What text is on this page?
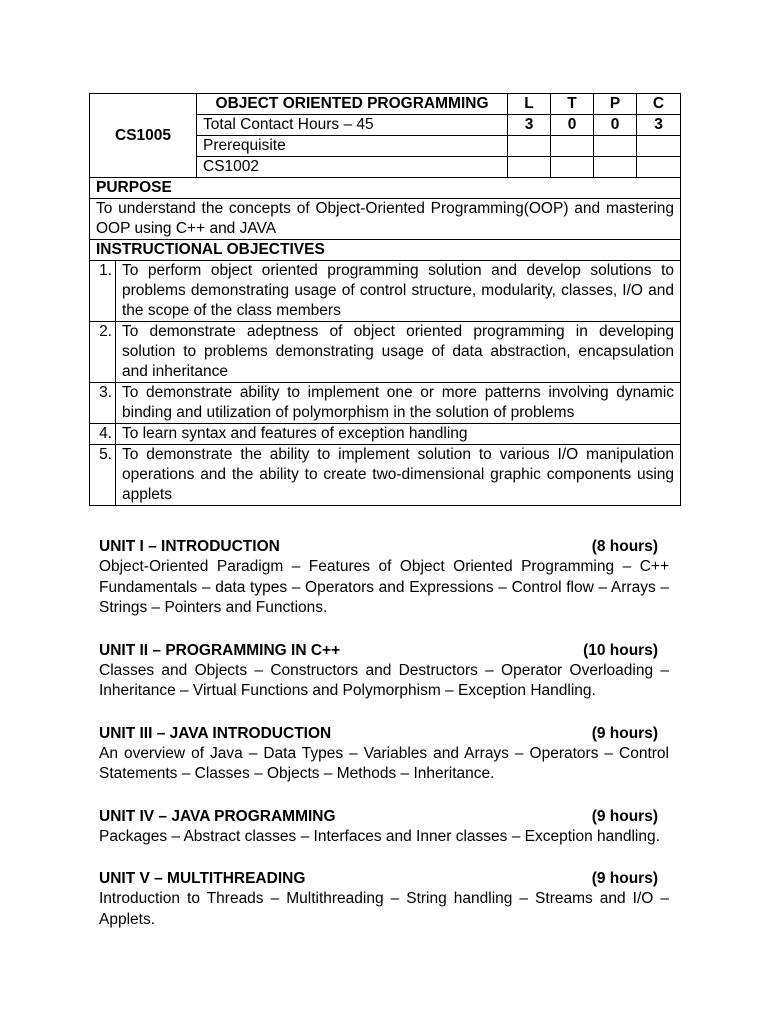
CS1005		OBJECT ORIENTED PROGRAMMING	L	T	P	C
		Total Contact Hours – 45	3	0	0	3
		Prerequisite				
		CS1002				
PURPOSE						
To understand the concepts of Object-Oriented Programming(OOP) and mastering OOP using C++ and JAVA						
INSTRUCTIONAL OBJECTIVES						
1.	To perform object oriented programming solution and develop solutions to problems demonstrating usage of control structure, modularity, classes, I/O and the scope of the class members					
2.	To demonstrate adeptness of object oriented programming in developing solution to problems demonstrating usage of data abstraction, encapsulation and inheritance					
3.	To demonstrate ability to implement one or more patterns involving dynamic binding and utilization of polymorphism in the solution of problems					
4.	To learn syntax and features of exception handling					
5.	To demonstrate the ability to implement solution to various I/O manipulation operations and the ability to create two-dimensional graphic components using applets					
UNIT I – INTRODUCTION	(8 hours)
Object-Oriented Paradigm – Features of Object Oriented Programming – C++ Fundamentals – data types – Operators and Expressions – Control flow – Arrays – Strings – Pointers and Functions.
UNIT II – PROGRAMMING IN C++	(10 hours)
Classes and Objects – Constructors and Destructors – Operator Overloading – Inheritance – Virtual Functions and Polymorphism – Exception Handling.
UNIT III – JAVA INTRODUCTION	(9 hours)
An overview of Java – Data Types – Variables and Arrays – Operators – Control Statements – Classes – Objects – Methods – Inheritance.
UNIT IV – JAVA PROGRAMMING	(9 hours)
Packages – Abstract classes – Interfaces and Inner classes – Exception handling.
UNIT V – MULTITHREADING	(9 hours)
Introduction to Threads – Multithreading – String handling – Streams and I/O – Applets.
